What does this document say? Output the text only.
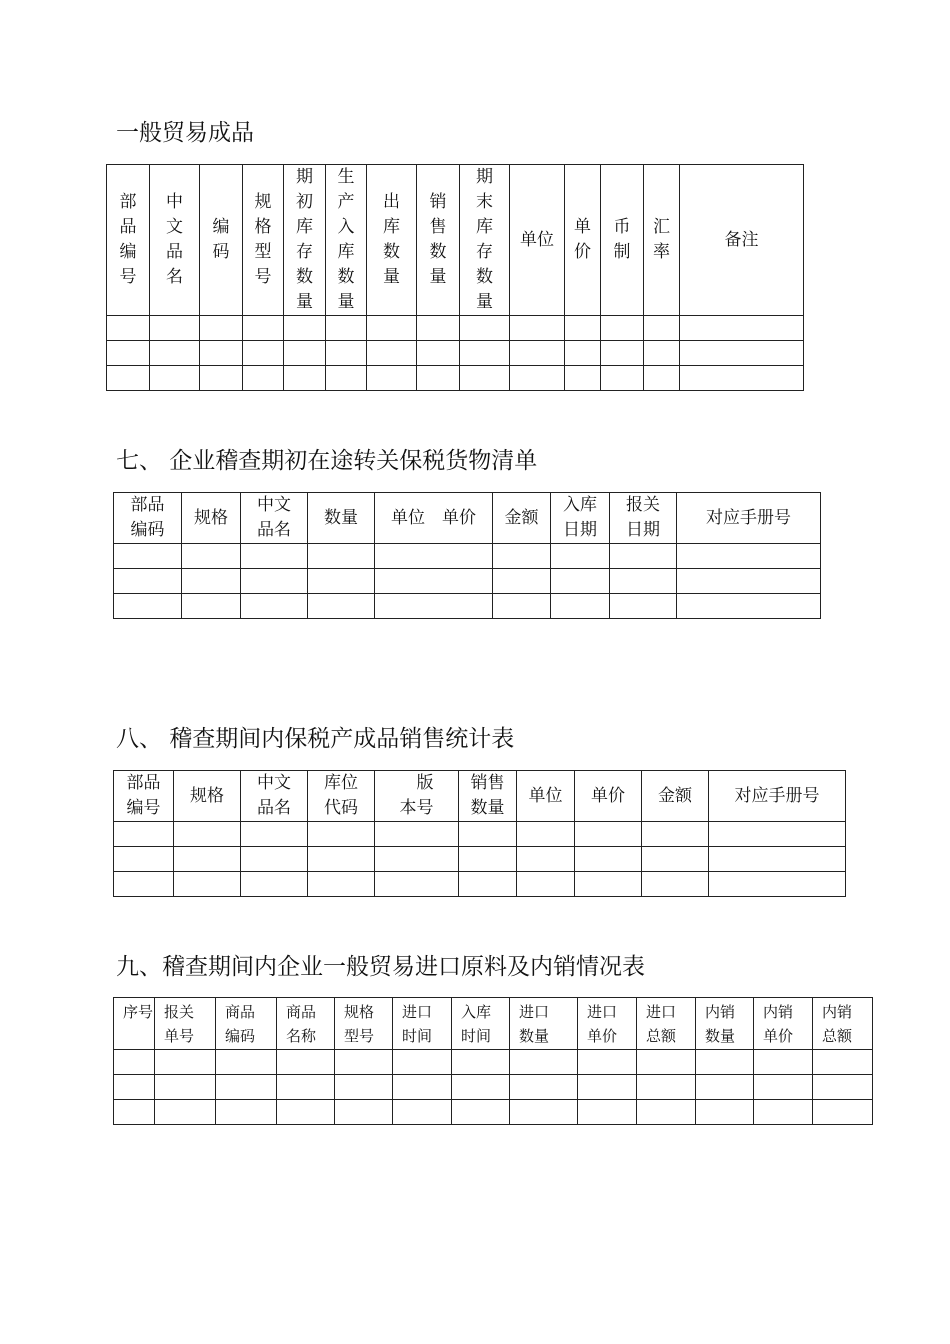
一般贸易成品
部品编号	中文品名	编码	规格型号	期初库存数量	生产入库数量	出库数量	销售数量	期末库存数量	单位	单价	币制	汇率	备注

七、 企业稽查期初在途转关保税货物清单
部品编码	规格	中文品名	数量	单位　单价	金额	入库日期	报关日期	对应手册号

八、 稽查期间内保税产成品销售统计表
部品编号	规格	中文品名	库位代码	　版本号	销售数量	单位	单价	金额	对应手册号

九、稽查期间内企业一般贸易进口原料及内销情况表
序号	报关单号	商品编码	商品名称	规格型号	进口时间	入库时间	进口数量	进口单价	进口总额	内销数量	内销单价	内销总额
